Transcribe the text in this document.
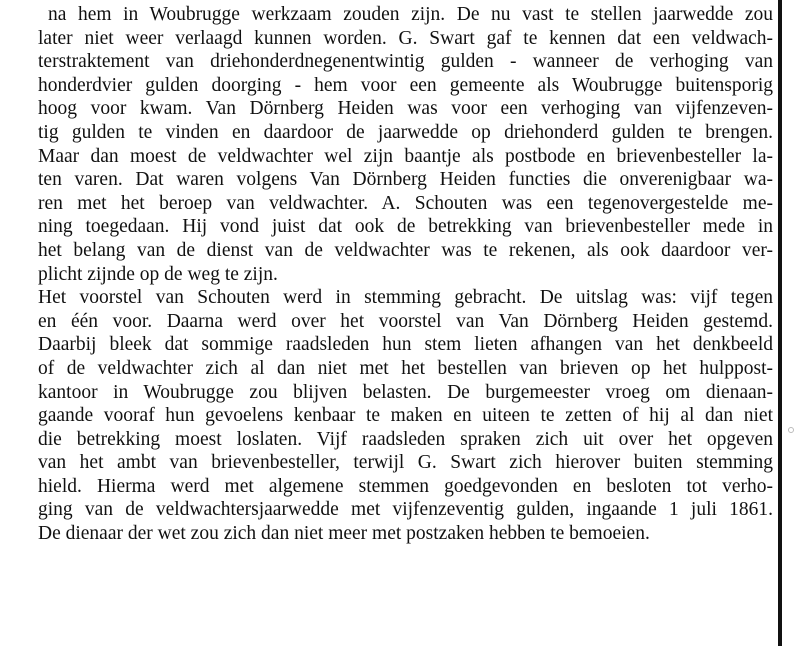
na hem in Woubrugge werkzaam zouden zijn. De nu vast te stellen jaarwedde zou
later niet weer verlaagd kunnen worden. G. Swart gaf te kennen dat een veldwach-
terstraktement van driehonderdnegenentwintig gulden - wanneer de verhoging van
honderdvier gulden doorging - hem voor een gemeente als Woubrugge buitensporig
hoog voor kwam. Van Dörnberg Heiden was voor een verhoging van vijfenzeven-
tig gulden te vinden en daardoor de jaarwedde op driehonderd gulden te brengen.
Maar dan moest de veldwachter wel zijn baantje als postbode en brievenbesteller la-
ten varen. Dat waren volgens Van Dörnberg Heiden functies die onverenigbaar wa-
ren met het beroep van veldwachter. A. Schouten was een tegenovergestelde me-
ning toegedaan. Hij vond juist dat ook de betrekking van brievenbesteller mede in
het belang van de dienst van de veldwachter was te rekenen, als ook daardoor ver-
plicht zijnde op de weg te zijn.
Het voorstel van Schouten werd in stemming gebracht. De uitslag was: vijf tegen
en één voor. Daarna werd over het voorstel van Van Dörnberg Heiden gestemd.
Daarbij bleek dat sommige raadsleden hun stem lieten afhangen van het denkbeeld
of de veldwachter zich al dan niet met het bestellen van brieven op het hulppost-
kantoor in Woubrugge zou blijven belasten. De burgemeester vroeg om dienaan-
gaande vooraf hun gevoelens kenbaar te maken en uiteen te zetten of hij al dan niet
die betrekking moest loslaten. Vijf raadsleden spraken zich uit over het opgeven
van het ambt van brievenbesteller, terwijl G. Swart zich hierover buiten stemming
hield. Hierma werd met algemene stemmen goedgevonden en besloten tot verho-
ging van de veldwachtersjaarwedde met vijfenzeventig gulden, ingaande 1 juli 1861.
De dienaar der wet zou zich dan niet meer met postzaken hebben te bemoeien.
